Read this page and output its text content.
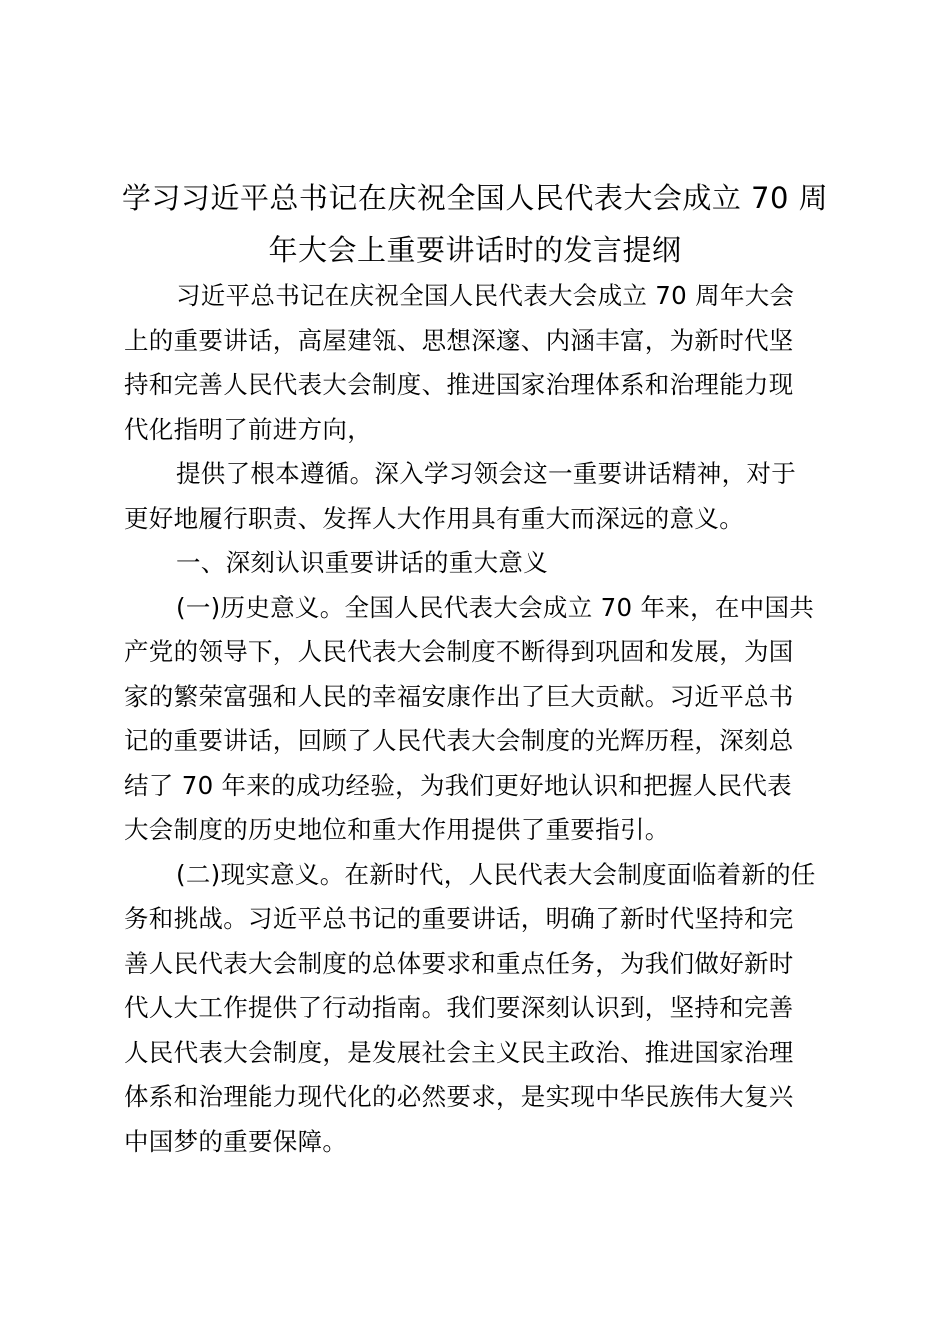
学习习近平总书记在庆祝全国人民代表大会成立 70 周
年大会上重要讲话时的发言提纲

习近平总书记在庆祝全国人民代表大会成立 70 周年大会
上的重要讲话，高屋建瓴、思想深邃、内涵丰富，为新时代坚
持和完善人民代表大会制度、推进国家治理体系和治理能力现
代化指明了前进方向，

提供了根本遵循。深入学习领会这一重要讲话精神，对于
更好地履行职责、发挥人大作用具有重大而深远的意义。

一、深刻认识重要讲话的重大意义

(一)历史意义。全国人民代表大会成立 70 年来，在中国共
产党的领导下，人民代表大会制度不断得到巩固和发展，为国
家的繁荣富强和人民的幸福安康作出了巨大贡献。习近平总书
记的重要讲话，回顾了人民代表大会制度的光辉历程，深刻总
结了 70 年来的成功经验，为我们更好地认识和把握人民代表
大会制度的历史地位和重大作用提供了重要指引。

(二)现实意义。在新时代，人民代表大会制度面临着新的任
务和挑战。习近平总书记的重要讲话，明确了新时代坚持和完
善人民代表大会制度的总体要求和重点任务，为我们做好新时
代人大工作提供了行动指南。我们要深刻认识到，坚持和完善
人民代表大会制度，是发展社会主义民主政治、推进国家治理
体系和治理能力现代化的必然要求，是实现中华民族伟大复兴
中国梦的重要保障。
